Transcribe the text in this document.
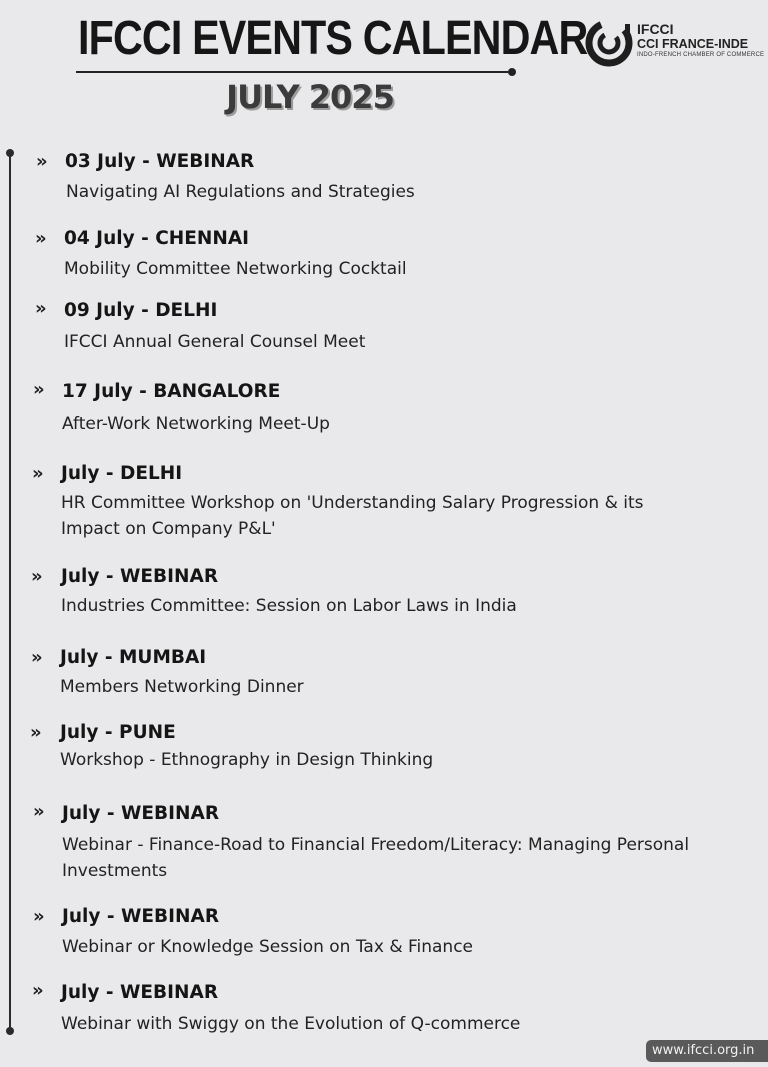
IFCCI EVENTS CALENDAR
JULY 2025
IFCCI
CCI FRANCE-INDE
INDO-FRENCH CHAMBER OF COMMERCE
» 03 July - WEBINAR
Navigating AI Regulations and Strategies
» 04 July - CHENNAI
Mobility Committee Networking Cocktail
» 09 July - DELHI
IFCCI Annual General Counsel Meet
» 17 July - BANGALORE
After-Work Networking Meet-Up
» July - DELHI
HR Committee Workshop on 'Understanding Salary Progression & its Impact on Company P&L'
» July - WEBINAR
Industries Committee: Session on Labor Laws in India
» July - MUMBAI
Members Networking Dinner
» July - PUNE
Workshop - Ethnography in Design Thinking
» July - WEBINAR
Webinar - Finance-Road to Financial Freedom/Literacy: Managing Personal Investments
» July - WEBINAR
Webinar or Knowledge Session on Tax & Finance
» July - WEBINAR
Webinar with Swiggy on the Evolution of Q-commerce
www.ifcci.org.in
